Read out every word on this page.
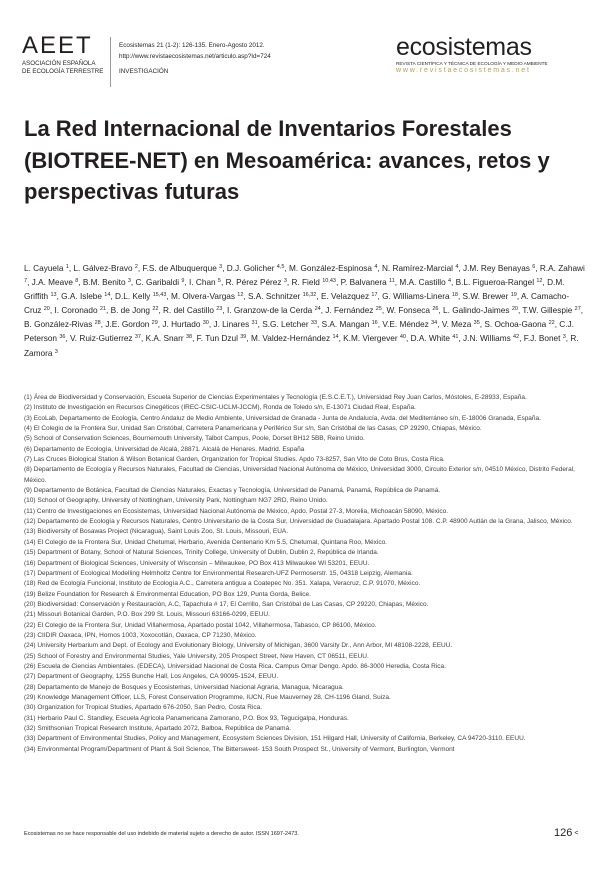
AEET
ASOCIACIÓN ESPAÑOLA
DE ECOLOGÍA TERRESTRE
Ecosistemas 21 (1-2): 126-135. Enero-Agosto 2012.
http://www.revistaecosistemas.net/articulo.asp?Id=724
INVESTIGACIÓN
ecosistemas
REVISTA CIENTÍFICA Y TÉCNICA DE ECOLOGÍA Y MEDIO AMBIENTE
www.revistaecosistemas.net
La Red Internacional de Inventarios Forestales (BIOTREE-NET) en Mesoamérica: avances, retos y perspectivas futuras
L. Cayuela $^1$, L. Gálvez-Bravo $^2$, F.S. de Albuquerque $^3$, D.J. Golicher $^{4,5}$, M. González-Espinosa $^4$, N. Ramírez-Marcial $^4$, J.M. Rey Benayas $^6$, R.A. Zahawi $^7$, J.A. Meave $^8$, B.M. Benito $^3$, C. Garibaldi $^9$, I. Chan $^5$, R. Pérez Pérez $^3$, R. Field $^{10,43}$, P. Balvanera $^{11}$, M.A. Castillo $^4$, B.L. Figueroa-Rangel $^{12}$, D.M. Griffith $^{13}$, G.A. Islebe $^{14}$, D.L. Kelly $^{15,43}$, M. Olvera-Vargas $^{12}$, S.A. Schnitzer $^{16,32}$, E. Velazquez $^{17}$, G. Williams-Linera $^{18}$, S.W. Brewer $^{19}$, A. Camacho-Cruz $^{20}$, I. Coronado $^{21}$, B. de Jong $^{22}$, R. del Castillo $^{23}$, I. Granzow-de la Cerda $^{24}$, J. Fernández $^{25}$, W. Fonseca $^{26}$, L. Galindo-Jaimes $^{20}$, T.W. Gillespie $^{27}$, B. González-Rivas $^{28}$, J.E. Gordon $^{29}$, J. Hurtado $^{30}$, J. Linares $^{31}$, S.G. Letcher $^{33}$, S.A. Mangan $^{16}$, V.E. Méndez $^{34}$, V. Meza $^{35}$, S. Ochoa-Gaona $^{22}$, C.J. Peterson $^{36}$, V. Ruiz-Gutierrez $^{37}$, K.A. Snarr $^{38}$, F. Tun Dzul $^{39}$, M. Valdez-Hernández $^{14}$, K.M. Viergever $^{40}$, D.A. White $^{41}$, J.N. Williams $^{42}$, F.J. Bonet $^3$, R. Zamora $^3$
(1) Área de Biodiversidad y Conservación, Escuela Superior de Ciencias Experimentales y Tecnología (E.S.C.E.T.), Universidad Rey Juan Carlos, Móstoles, E-28933, España.
(2) Instituto de Investigación en Recursos Cinegéticos (IREC-CSIC-UCLM-JCCM), Ronda de Toledo s/n, E-13071 Ciudad Real, España.
(3) EcoLab, Departamento de Ecología, Centro Andaluz de Medio Ambiente, Universidad de Granada - Junta de Andalucía, Avda. del Mediterráneo s/n, E-18006 Granada, España.
(4) El Colegio de la Frontera Sur, Unidad San Cristóbal, Carretera Panamericana y Periférico Sur s/n, San Cristóbal de las Casas, CP 29290, Chiapas, México.
(5) School of Conservation Sciences, Bournemouth University, Talbot Campus, Poole, Dorset BH12 5BB, Reino Unido.
(6) Departamento de Ecología, Universidad de Alcalá, 28871. Alcalá de Henares. Madrid. España
(7) Las Cruces Biological Station & Wilson Botanical Garden, Organization for Tropical Studies. Apdo 73-8257, San Vito de Coto Brus, Costa Rica.
(8) Departamento de Ecología y Recursos Naturales, Facultad de Ciencias, Universidad Nacional Autónoma de México, Universidad 3000, Circuito Exterior s/n, 04510 México, Distrito Federal, México.
(9) Departamento de Botánica, Facultad de Ciencias Naturales, Exactas y Tecnología, Universidad de Panamá, Panamá, República de Panamá.
(10) School of Geography, University of Nottingham, University Park, Nottingham NG7 2RD, Reino Unido.
(11) Centro de Investigaciones en Ecosistemas, Universidad Nacional Autónoma de México, Apdo. Postal 27-3, Morelia, Michoacán 58090, México.
(12) Departamento de Ecología y Recursos Naturales, Centro Universitario de la Costa Sur, Universidad de Guadalajara. Apartado Postal 108. C.P. 48900 Autlán de la Grana, Jalisco, México.
(13) Biodiversity of Bosawas Project (Nicaragua), Saint Louis Zoo, St. Louis, Missouri, EUA.
(14) El Colegio de la Frontera Sur, Unidad Chetumal, Herbario, Avenida Centenario Km 5.5, Chetumal, Quintana Roo, México.
(15) Department of Botany, School of Natural Sciences, Trinity College, University of Dublin, Dublin 2, República de Irlanda.
(16) Department of Biological Sciences, University of Wisconsin – Milwaukee, PO Box 413 Milwaukee WI 53201, EEUU.
(17) Department of Ecological Modelling Helmholtz Centre for Environmental Research-UFZ Permoserstr. 15, 04318 Leipzig, Alemania.
(18) Red de Ecología Funcional, Instituto de Ecología A.C., Carretera antigua a Coatepec No. 351. Xalapa, Veracruz, C.P. 91070, México.
(19) Belize Foundation for Research & Environmental Education, PO Box 129, Punta Gorda, Belice.
(20) Biodiversidad: Conservación y Restauración, A.C, Tapachula # 17, El Cerrillo, San Cristóbal de Las Casas, CP 29220, Chiapas, México.
(21) Missouri Botanical Garden, P.O. Box 299 St. Louis, Missouri 63166-0299, EEUU.
(22) El Colegio de la Frontera Sur, Unidad Villahermosa, Apartado postal 1042, Villahermosa, Tabasco, CP 86100, México.
(23) CIIDIR Oaxaca, IPN, Hornos 1003, Xoxocotlán, Oaxaca, CP 71230, México.
(24) University Herbarium and Dept. of Ecology and Evolutionary Biology, University of Michigan, 3600 Varsity Dr., Ann Arbor, MI 48108-2228, EEUU.
(25) School of Forestry and Environmental Studies, Yale University, 205 Prospect Street, New Haven, CT 06511, EEUU.
(26) Escuela de Ciencias Ambientales. (EDECA), Universidad Nacional de Costa Rica. Campus Omar Dengo. Apdo. 86-3000 Heredia, Costa Rica.
(27) Department of Geography, 1255 Bunche Hall, Los Angeles, CA 90095-1524, EEUU.
(28) Departamento de Manejo de Bosques y Ecosistemas, Universidad Nacional Agraria, Managua, Nicaragua.
(29) Knowledge Management Officer, LLS, Forest Conservation Programme, IUCN, Rue Mauverney 28, CH-1196 Gland, Suiza.
(30) Organization for Tropical Studies, Apartado 676-2050, San Pedro, Costa Rica.
(31) Herbario Paul C. Standley, Escuela Agrícola Panamericana Zamorano, P.O. Box 93, Tegucigalpa, Honduras.
(32) Smithsonian Tropical Research Institute, Apartado 2072, Balboa, República de Panamá.
(33) Department of Environmental Studies, Policy and Management, Ecosystem Sciences Division, 151 Hilgard Hall, University of California, Berkeley, CA 94720-3110. EEUU.
(34) Environmental Program/Department of Plant & Soil Science, The Bittersweet- 153 South Prospect St., University of Vermont, Burlington, Vermont
Ecosistemas no se hace responsable del uso indebido de material sujeto a derecho de autor. ISSN 1697-2473.	126 <
